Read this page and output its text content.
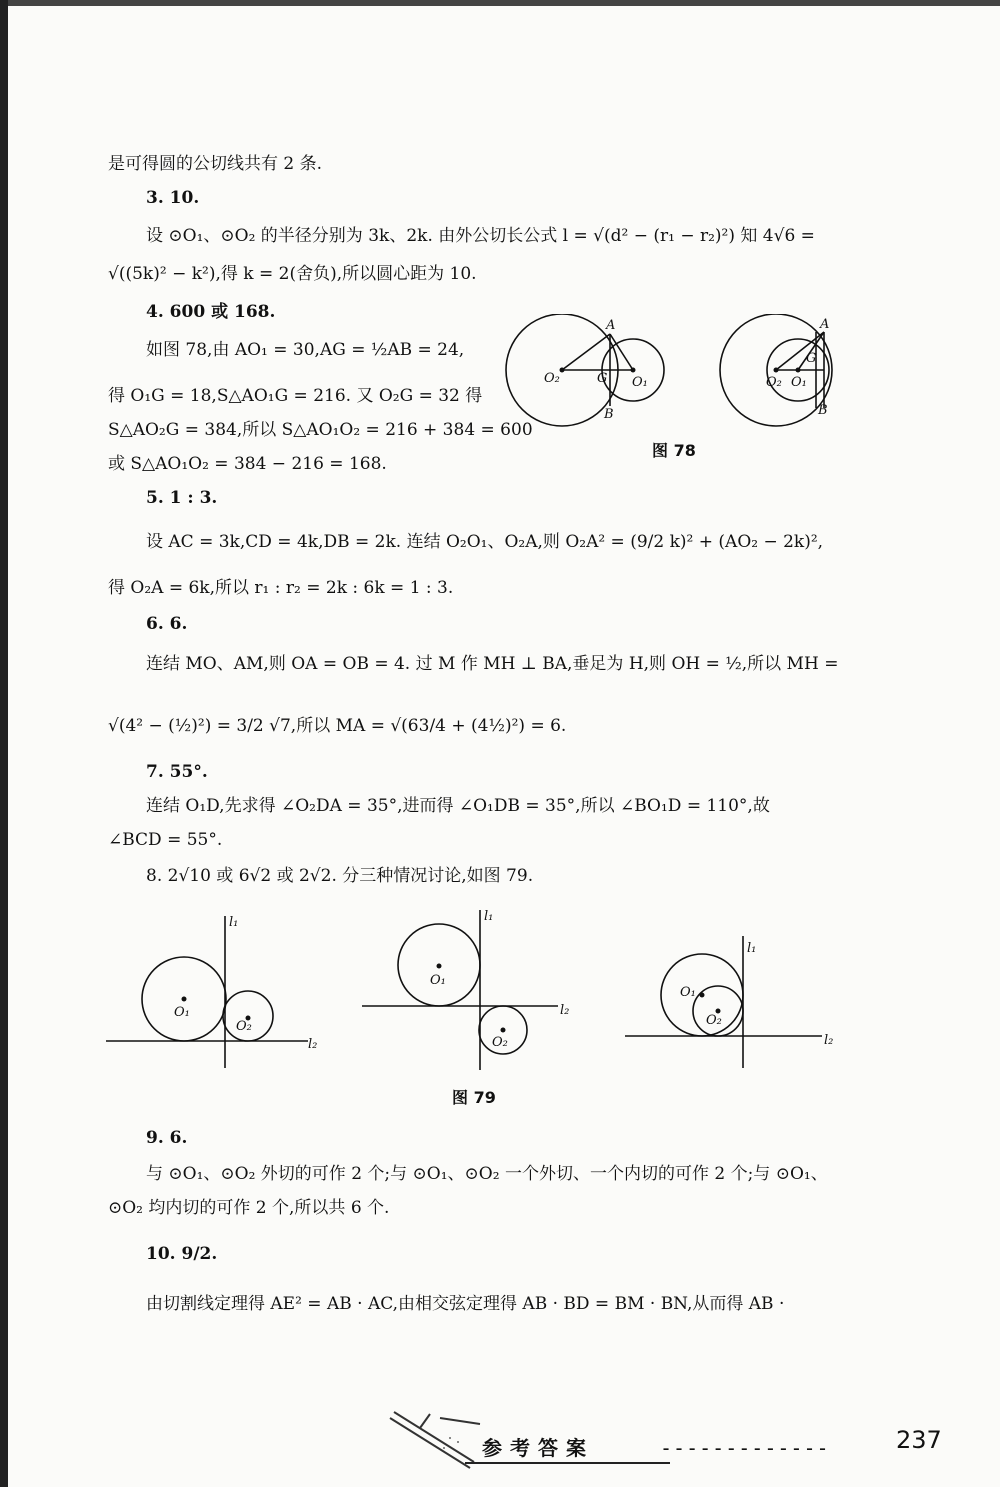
是可得圆的公切线共有 2 条.
3. 10.
设 ⊙O₁、⊙O₂ 的半径分别为 3k、2k. 由外公切长公式 l = √(d² − (r₁ − r₂)²) 知 4√6 =
√((5k)² − k²),得 k = 2(舍负),所以圆心距为 10.
4. 600 或 168.
如图 78,由 AO₁ = 30,AG = ½AB = 24,
得 O₁G = 18,S△AO₁G = 216. 又 O₂G = 32 得
S△AO₂G = 384,所以 S△AO₁O₂ = 216 + 384 = 600
或 S△AO₁O₂ = 384 − 216 = 168.
5. 1 : 3.
设 AC = 3k,CD = 4k,DB = 2k. 连结 O₂O₁、O₂A,则 O₂A² = (9/2 k)² + (AO₂ − 2k)²,
得 O₂A = 6k,所以 r₁ : r₂ = 2k : 6k = 1 : 3.
6. 6.
连结 MO、AM,则 OA = OB = 4. 过 M 作 MH ⊥ BA,垂足为 H,则 OH = ½,所以 MH =
√(4² − (½)²) = 3/2 √7,所以 MA = √(63/4 + (4½)²) = 6.
7. 55°.
连结 O₁D,先求得 ∠O₂DA = 35°,进而得 ∠O₁DB = 35°,所以 ∠BO₁D = 110°,故
∠BCD = 55°.
8. 2√10 或 6√2 或 2√2. 分三种情况讨论,如图 79.
9. 6.
与 ⊙O₁、⊙O₂ 外切的可作 2 个;与 ⊙O₁、⊙O₂ 一个外切、一个内切的可作 2 个;与 ⊙O₁、
⊙O₂ 均内切的可作 2 个,所以共 6 个.
10. 9/2.
由切割线定理得 AE² = AB · AC,由相交弦定理得 AB · BD = BM · BN,从而得 AB ·
A
B
G
O₂	O₁
A
B
G
O₂ O₁
图 78
l₁
l₂
O₁
O₂
l₁
l₂
O₁
O₂
l₁
l₂
O₁
O₂
图 79
参考答案	-------------	237
